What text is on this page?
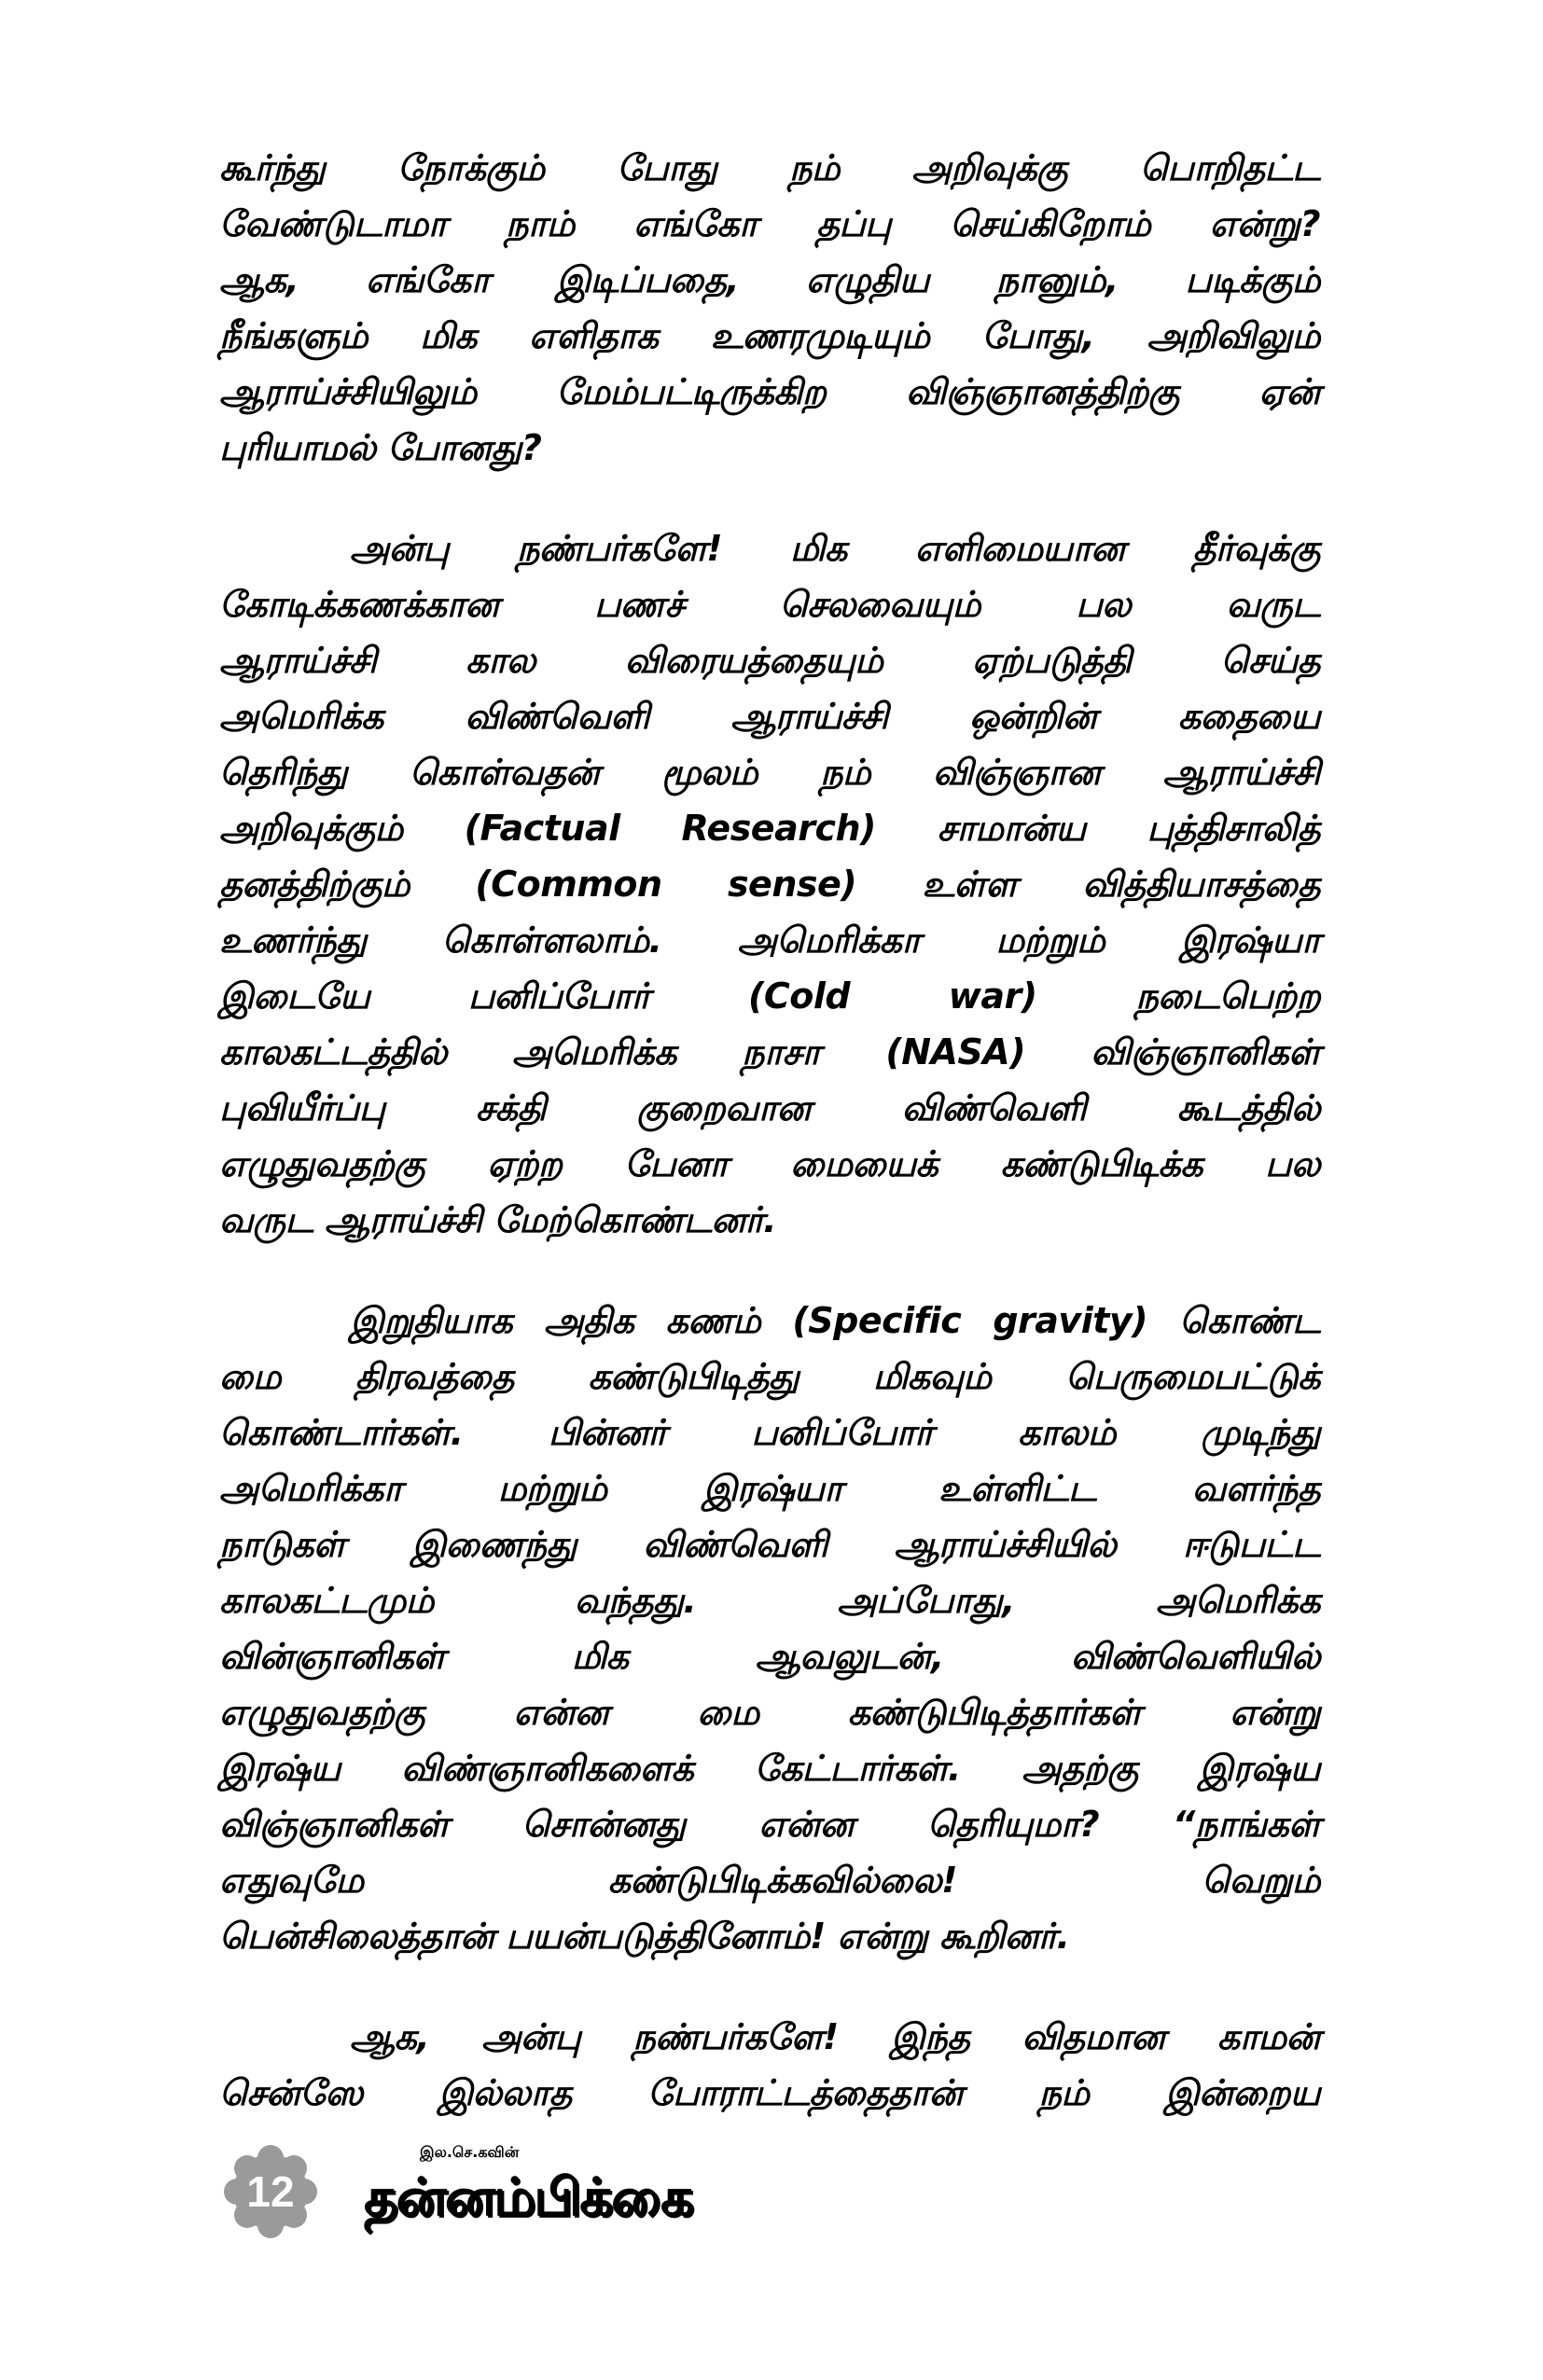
கூர்ந்து நோக்கும் போது நம் அறிவுக்கு பொறிதட்ட
வேண்டுடாமா நாம் எங்கோ தப்பு செய்கிறோம் என்று?
ஆக, எங்கோ இடிப்பதை, எழுதிய நானும், படிக்கும்
நீங்களும் மிக எளிதாக உணரமுடியும் போது, அறிவிலும்
ஆராய்ச்சியிலும் மேம்பட்டிருக்கிற விஞ்ஞானத்திற்கு ஏன்
புரியாமல் போனது?
அன்பு நண்பர்களே! மிக எளிமையான தீர்வுக்கு
கோடிக்கணக்கான பணச் செலவையும் பல வருட
ஆராய்ச்சி கால விரையத்தையும் ஏற்படுத்தி செய்த
அமெரிக்க விண்வெளி ஆராய்ச்சி ஒன்றின் கதையை
தெரிந்து கொள்வதன் மூலம் நம் விஞ்ஞான ஆராய்ச்சி
அறிவுக்கும் (Factual Research) சாமான்ய புத்திசாலித்
தனத்திற்கும் (Common sense) உள்ள வித்தியாசத்தை
உணர்ந்து கொள்ளலாம். அமெரிக்கா மற்றும் இரஷ்யா
இடையே பனிப்போர் (Cold war) நடைபெற்ற
காலகட்டத்தில் அமெரிக்க நாசா (NASA) விஞ்ஞானிகள்
புவியீர்ப்பு சக்தி குறைவான விண்வெளி கூடத்தில்
எழுதுவதற்கு ஏற்ற பேனா மையைக் கண்டுபிடிக்க பல
வருட ஆராய்ச்சி மேற்கொண்டனர்.
இறுதியாக அதிக கணம் (Specific gravity) கொண்ட
மை திரவத்தை கண்டுபிடித்து மிகவும் பெருமைபட்டுக்
கொண்டார்கள். பின்னர் பனிப்போர் காலம் முடிந்து
அமெரிக்கா மற்றும் இரஷ்யா உள்ளிட்ட வளர்ந்த
நாடுகள் இணைந்து விண்வெளி ஆராய்ச்சியில் ஈடுபட்ட
காலகட்டமும் வந்தது. அப்போது, அமெரிக்க
வின்ஞானிகள் மிக ஆவலுடன், விண்வெளியில்
எழுதுவதற்கு என்ன மை கண்டுபிடித்தார்கள் என்று
இரஷ்ய விண்ஞானிகளைக் கேட்டார்கள். அதற்கு இரஷ்ய
விஞ்ஞானிகள் சொன்னது என்ன தெரியுமா? “நாங்கள்
எதுவுமே கண்டுபிடிக்கவில்லை! வெறும்
பென்சிலைத்தான் பயன்படுத்தினோம்! என்று கூறினர்.
ஆக, அன்பு நண்பர்களே! இந்த விதமான காமன்
சென்ஸே இல்லாத போராட்டத்தைதான் நம் இன்றைய
12
இல.செ.கவின்
தன்னம்பிக்கை
